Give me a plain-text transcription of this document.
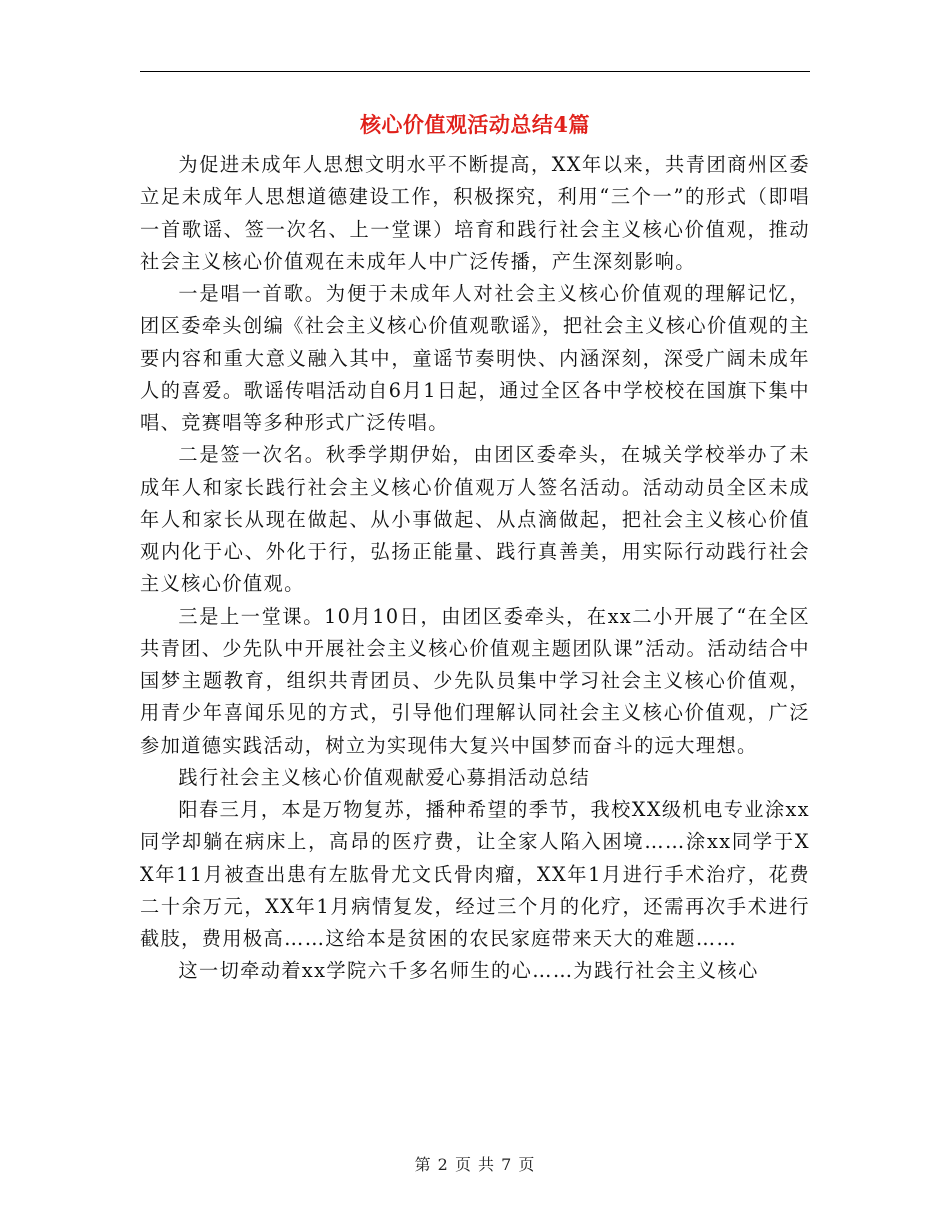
核心价值观活动总结4篇

为促进未成年人思想文明水平不断提高，XX年以来，共青团商州区委立足未成年人思想道德建设工作，积极探究，利用“三个一”的形式（即唱一首歌谣、签一次名、上一堂课）培育和践行社会主义核心价值观，推动社会主义核心价值观在未成年人中广泛传播，产生深刻影响。

一是唱一首歌。为便于未成年人对社会主义核心价值观的理解记忆，团区委牵头创编《社会主义核心价值观歌谣》，把社会主义核心价值观的主要内容和重大意义融入其中，童谣节奏明快、内涵深刻，深受广阔未成年人的喜爱。歌谣传唱活动自6月1日起，通过全区各中学校校在国旗下集中唱、竞赛唱等多种形式广泛传唱。

二是签一次名。秋季学期伊始，由团区委牵头，在城关学校举办了未成年人和家长践行社会主义核心价值观万人签名活动。活动动员全区未成年人和家长从现在做起、从小事做起、从点滴做起，把社会主义核心价值观内化于心、外化于行，弘扬正能量、践行真善美，用实际行动践行社会主义核心价值观。

三是上一堂课。10月10日，由团区委牵头，在xx二小开展了“在全区共青团、少先队中开展社会主义核心价值观主题团队课”活动。活动结合中国梦主题教育，组织共青团员、少先队员集中学习社会主义核心价值观，用青少年喜闻乐见的方式，引导他们理解认同社会主义核心价值观，广泛参加道德实践活动，树立为实现伟大复兴中国梦而奋斗的远大理想。

践行社会主义核心价值观献爱心募捐活动总结

阳春三月，本是万物复苏，播种希望的季节，我校XX级机电专业涂xx同学却躺在病床上，高昂的医疗费，让全家人陷入困境……涂xx同学于XX年11月被查出患有左肱骨尤文氏骨肉瘤，XX年1月进行手术治疗，花费二十余万元，XX年1月病情复发，经过三个月的化疗，还需再次手术进行截肢，费用极高……这给本是贫困的农民家庭带来天大的难题……

这一切牵动着xx学院六千多名师生的心……为践行社会主义核心

第 2 页 共 7 页
